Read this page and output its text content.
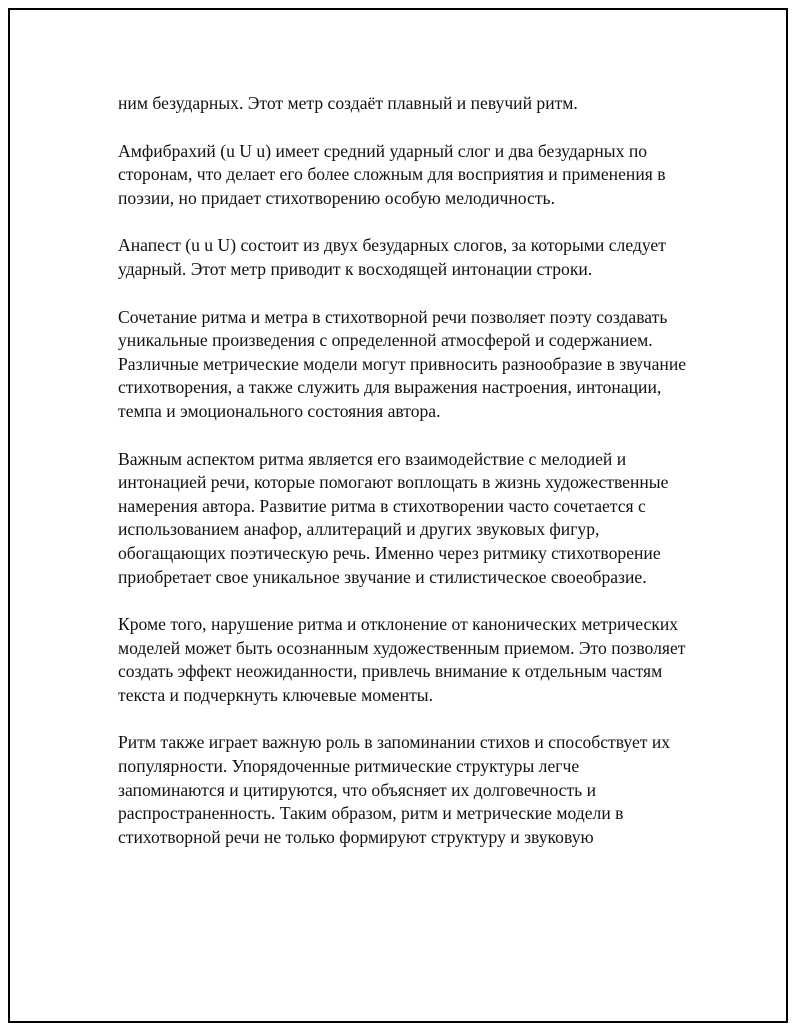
ним безударных. Этот метр создаёт плавный и певучий ритм.

Амфибрахий (u U u) имеет средний ударный слог и два безударных по сторонам, что делает его более сложным для восприятия и применения в поэзии, но придает стихотворению особую мелодичность.

Анапест (u u U) состоит из двух безударных слогов, за которыми следует ударный. Этот метр приводит к восходящей интонации строки.

Сочетание ритма и метра в стихотворной речи позволяет поэту создавать уникальные произведения с определенной атмосферой и содержанием. Различные метрические модели могут привносить разнообразие в звучание стихотворения, а также служить для выражения настроения, интонации, темпа и эмоционального состояния автора.

Важным аспектом ритма является его взаимодействие с мелодией и интонацией речи, которые помогают воплощать в жизнь художественные намерения автора. Развитие ритма в стихотворении часто сочетается с использованием анафор, аллитераций и других звуковых фигур, обогащающих поэтическую речь. Именно через ритмику стихотворение приобретает свое уникальное звучание и стилистическое своеобразие.

Кроме того, нарушение ритма и отклонение от канонических метрических моделей может быть осознанным художественным приемом. Это позволяет создать эффект неожиданности, привлечь внимание к отдельным частям текста и подчеркнуть ключевые моменты.

Ритм также играет важную роль в запоминании стихов и способствует их популярности. Упорядоченные ритмические структуры легче запоминаются и цитируются, что объясняет их долговечность и распространенность. Таким образом, ритм и метрические модели в стихотворной речи не только формируют структуру и звуковую
